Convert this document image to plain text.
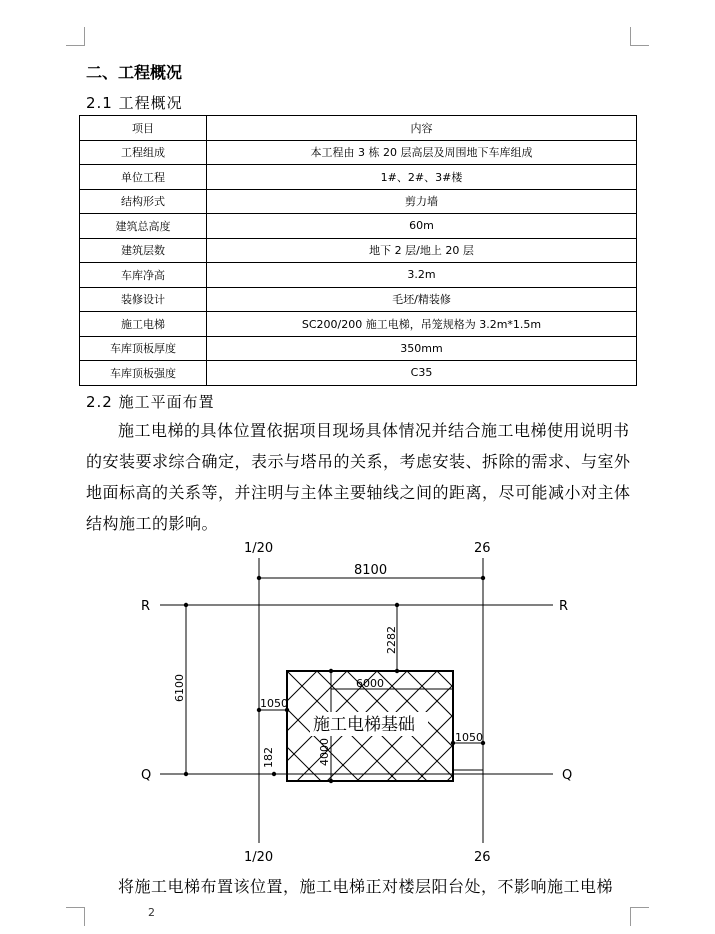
二、工程概况
2.1 工程概况
项目	内容
工程组成	本工程由 3 栋 20 层高层及周围地下车库组成
单位工程	1#、2#、3#楼
结构形式	剪力墙
建筑总高度	60m
建筑层数	地下 2 层/地上 20 层
车库净高	3.2m
装修设计	毛坯/精装修
施工电梯	SC200/200 施工电梯，吊笼规格为 3.2m*1.5m
车库顶板厚度	350mm
车库顶板强度	C35
2.2 施工平面布置

施工电梯的具体位置依据项目现场具体情况并结合施工电梯使用说明书的安装要求综合确定，表示与塔吊的关系，考虑安装、拆除的需求、与室外地面标高的关系等，并注明与主体主要轴线之间的距离，尽可能减小对主体结构施工的影响。

1/20	26
1/20	26
R	R
Q	Q
8100
2282
6100	6000
1050
1050
4000
182
施工电梯基础

将施工电梯布置该位置，施工电梯正对楼层阳台处，不影响施工电梯

2
